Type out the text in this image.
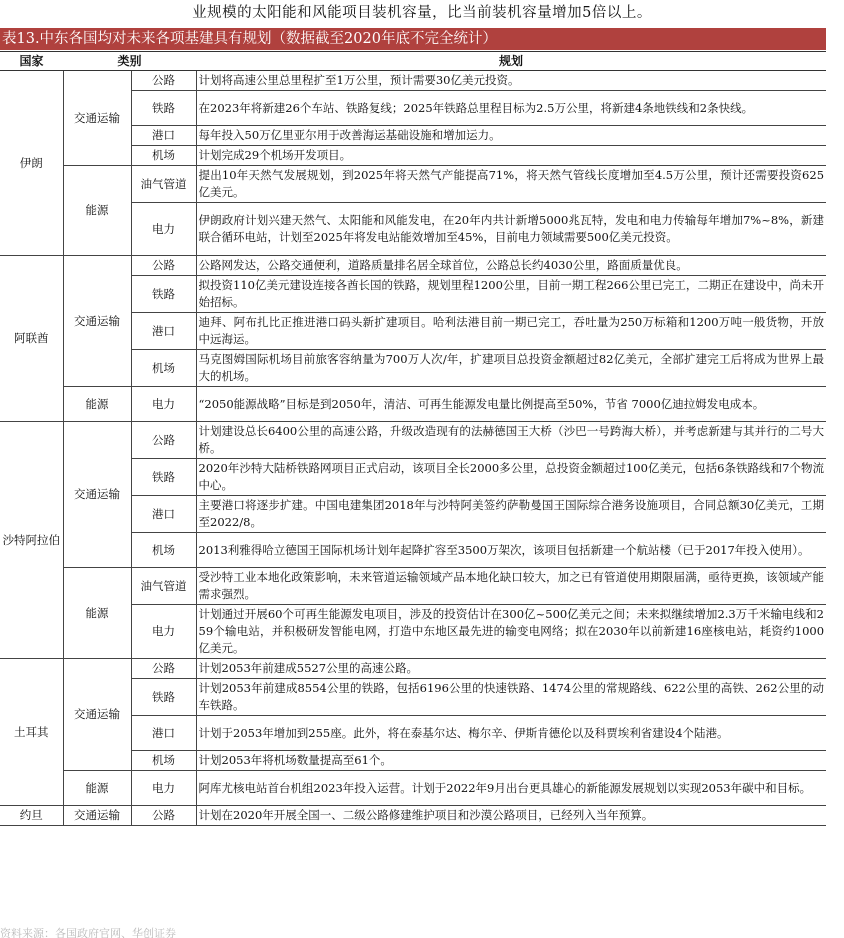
业规模的太阳能和风能项目装机容量，比当前装机容量增加5倍以上。
表13.中东各国均对未来各项基建具有规划（数据截至2020年底不完全统计）
国家	类别		规划
伊朗	交通运输	公路	计划将高速公里总里程扩至1万公里，预计需要30亿美元投资。
		铁路	在2023年将新建26个车站、铁路复线；2025年铁路总里程目标为2.5万公里，将新建4条地铁线和2条快线。
		港口	每年投入50万亿里亚尔用于改善海运基础设施和增加运力。
		机场	计划完成29个机场开发项目。
	能源	油气管道	提出10年天然气发展规划，到2025年将天然气产能提高71%，将天然气管线长度增加至4.5万公里，预计还需要投资625亿美元。
		电力	伊朗政府计划兴建天然气、太阳能和风能发电，在20年内共计新增5000兆瓦特，发电和电力传输每年增加7%~8%，新建联合循环电站，计划至2025年将发电站能效增加至45%，目前电力领域需要500亿美元投资。
阿联酋	交通运输	公路	公路网发达，公路交通便利，道路质量排名居全球首位，公路总长约4030公里，路面质量优良。
		铁路	拟投资110亿美元建设连接各酋长国的铁路，规划里程1200公里，目前一期工程266公里已完工，二期正在建设中，尚未开始招标。
		港口	迪拜、阿布扎比正推进港口码头新扩建项目。哈利法港目前一期已完工，吞吐量为250万标箱和1200万吨一般货物，开放中远海运。
		机场	马克图姆国际机场目前旅客容纳量为700万人次/年，扩建项目总投资金额超过82亿美元，全部扩建完工后将成为世界上最大的机场。
	能源	电力	“2050能源战略”目标是到2050年，清洁、可再生能源发电量比例提高至50%，节省 7000亿迪拉姆发电成本。
沙特阿拉伯	交通运输	公路	计划建设总长6400公里的高速公路，升级改造现有的法赫德国王大桥（沙巴一号跨海大桥），并考虑新建与其并行的二号大桥。
		铁路	2020年沙特大陆桥铁路网项目正式启动，该项目全长2000多公里，总投资金额超过100亿美元，包括6条铁路线和7个物流中心。
		港口	主要港口将逐步扩建。中国电建集团2018年与沙特阿美签约萨勒曼国王国际综合港务设施项目，合同总额30亿美元，工期至2022/8。
		机场	2013利雅得哈立德国王国际机场计划年起降扩容至3500万架次，该项目包括新建一个航站楼（已于2017年投入使用）。
	能源	油气管道	受沙特工业本地化政策影响，未来管道运输领域产品本地化缺口较大，加之已有管道使用期限届满，亟待更换，该领域产能需求强烈。
		电力	计划通过开展60个可再生能源发电项目，涉及的投资估计在300亿~500亿美元之间；未来拟继续增加2.3万千米输电线和259个输电站，并积极研发智能电网，打造中东地区最先进的输变电网络；拟在2030年以前新建16座核电站，耗资约1000亿美元。
土耳其	交通运输	公路	计划2053年前建成5527公里的高速公路。
		铁路	计划2053年前建成8554公里的铁路，包括6196公里的快速铁路、1474公里的常规路线、622公里的高铁、262公里的动车铁路。
		港口	计划于2053年增加到255座。此外，将在泰基尔达、梅尔辛、伊斯肯德伦以及科贾埃利省建设4个陆港。
		机场	计划2053年将机场数量提高至61个。
	能源	电力	阿库尤核电站首台机组2023年投入运营。计划于2022年9月出台更具雄心的新能源发展规划以实现2053年碳中和目标。
约旦	交通运输	公路	计划在2020年开展全国一、二级公路修建维护项目和沙漠公路项目，已经列入当年预算。
资料来源：各国政府官网、华创证券
